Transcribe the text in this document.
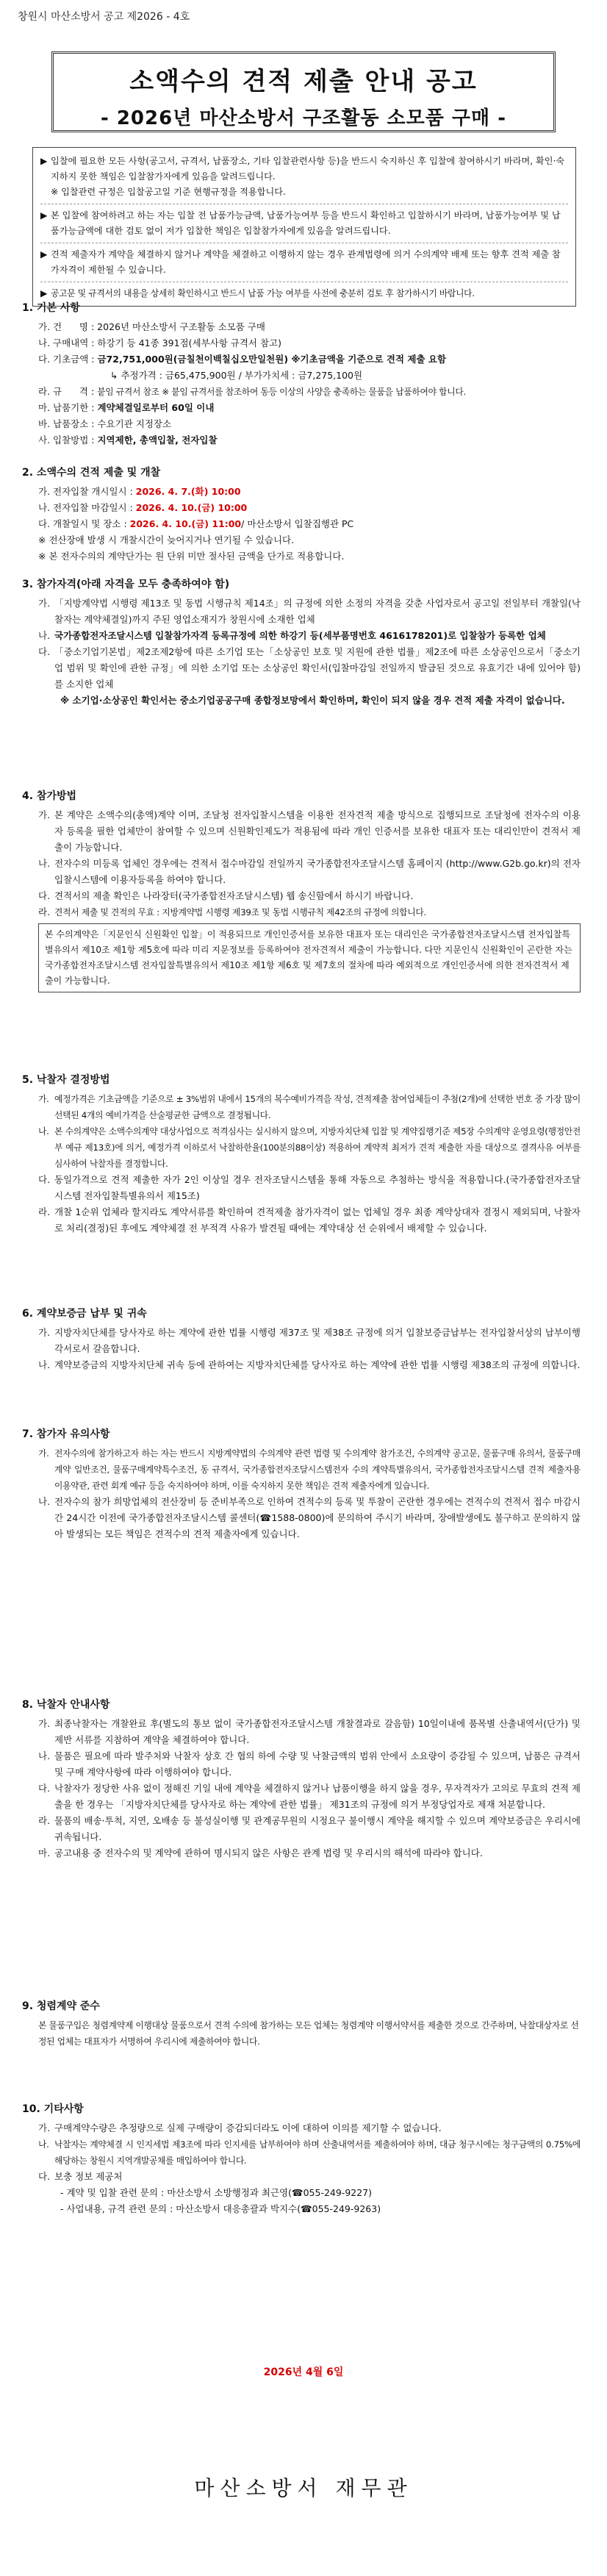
창원시 마산소방서 공고 제2026 - 4호
소액수의 견적 제출 안내 공고
- 2026년 마산소방서 구조활동 소모품 구매 -
▶ 입찰에 필요한 모든 사항(공고서, 규격서, 납품장소, 기타 입찰관련사항 등)을 반드시 숙지하신 후 입찰에 참여하시기 바라며, 확인·숙지하지 못한 책임은 입찰참가자에게 있음을 알려드립니다.
※ 입찰관련 규정은 입찰공고일 기준 현행규정을 적용합니다.
▶ 본 입찰에 참여하려고 하는 자는 입찰 전 납품가능금액, 납품가능여부 등을 반드시 확인하고 입찰하시기 바라며, 납품가능여부 및 납품가능금액에 대한 검토 없이 저가 입찰한 책임은 입찰참가자에게 있음을 알려드립니다.
▶ 견적 제출자가 계약을 체결하지 않거나 계약을 체결하고 이행하지 않는 경우 관계법령에 의거 수의계약 배제 또는 향후 견적 제출 참가자격이 제한될 수 있습니다.
▶ 공고문 및 규격서의 내용을 상세히 확인하시고 반드시 납품 가능 여부를 사전에 충분히 검토 후 참가하시기 바랍니다.
1. 기본 사항
가. 건      명 : 2026년 마산소방서 구조활동 소모품 구매
나. 구매내역 : 하강기 등 41종 391점(세부사항 규격서 참고)
다. 기초금액 : 금72,751,000원(금칠천이백칠십오만일천원) ※기초금액을 기준으로 견적 제출 요함
↳ 추정가격 : 금65,475,900원 / 부가가치세 : 금7,275,100원
라. 규      격 : 붙임 규격서 참조 ※ 붙임 규격서를 참조하여 동등 이상의 사양을 충족하는 물품을 납품하여야 합니다.
마. 납품기한 : 계약체결일로부터 60일 이내
바. 납품장소 : 수요기관 지정장소
사. 입찰방법 : 지역제한, 총액입찰, 전자입찰
2. 소액수의 견적 제출 및 개찰
가. 전자입찰 개시일시 : 2026. 4. 7.(화) 10:00
나. 전자입찰 마감일시 : 2026. 4. 10.(금) 10:00
다. 개찰일시 및 장소 : 2026. 4. 10.(금) 11:00 / 마산소방서 입찰집행관 PC
※ 전산장애 발생 시 개찰시간이 늦어지거나 연기될 수 있습니다.
※ 본 전자수의의 계약단가는 원 단위 미만 절사된 금액을 단가로 적용합니다.
3. 참가자격(아래 자격을 모두 충족하여야 함)
가. 「지방계약법 시행령 제13조 및 동법 시행규칙 제14조」의 규정에 의한 소정의 자격을 갖춘 사업자로서 공고일 전일부터 개찰일(낙찰자는 계약체결일)까지 주된 영업소재지가 창원시에 소재한 업체
나. 국가종합전자조달시스템 입찰참가자격 등록규정에 의한 하강기 등(세부품명번호 4616178201)로 입찰참가 등록한 업체
다. 「중소기업기본법」제2조제2항에 따른 소기업 또는「소상공인 보호 및 지원에 관한 법률」제2조에 따른 소상공인으로서「중소기업 범위 및 확인에 관한 규정」에 의한 소기업 또는 소상공인 확인서(입찰마감일 전일까지 발급된 것으로 유효기간 내에 있어야 함)를 소지한 업체
※ 소기업·소상공인 확인서는 중소기업공공구매 종합정보망에서 확인하며, 확인이 되지 않을 경우 견적 제출 자격이 없습니다.
4. 참가방법
가. 본 계약은 소액수의(총액)계약 이며, 조달청 전자입찰시스템을 이용한 전자견적 제출 방식으로 집행되므로 조달청에 전자수의 이용자 등록을 필한 업체만이 참여할 수 있으며 신원확인제도가 적용됨에 따라 개인 인증서를 보유한 대표자 또는 대리인만이 견적서 제출이 가능합니다.
나. 전자수의 미등록 업체인 경우에는 견적서 접수마감일 전일까지 국가종합전자조달시스템 홈페이지 (http://www.G2b.go.kr)의 전자입찰시스템에 이용자등록을 하여야 합니다.
다. 견적서의 제출 확인은 나라장터(국가종합전자조달시스템) 웹 송신함에서 하시기 바랍니다.
라. 견적서 제출 및 견적의 무효 : 지방계약법 시행령 제39조 및 동법 시행규칙 제42조의 규정에 의합니다.
본 수의계약은「지문인식 신원확인 입찰」이 적용되므로 개인인증서를 보유한 대표자 또는 대리인은 국가종합전자조달시스템 전자입찰특별유의서 제10조 제1항 제5호에 따라 미리 지문정보를 등록하여야 전자견적서 제출이 가능합니다. 다만 지문인식 신원확인이 곤란한 자는 국가종합전자조달시스템 전자입찰특별유의서 제10조 제1항 제6호 및 제7호의 절차에 따라 예외적으로 개인인증서에 의한 전자견적서 제출이 가능합니다.
5. 낙찰자 결정방법
가. 예정가격은 기초금액을 기준으로 ± 3%범위 내에서 15개의 복수예비가격을 작성, 견적제출 참여업체들이 추첨(2개)에 선택한 번호 중 가장 많이 선택된 4개의 예비가격을 산술평균한 금액으로 결정됩니다.
나. 본 수의계약은 소액수의계약 대상사업으로 적격심사는 실시하지 않으며, 지방자치단체 입찰 및 계약집행기준 제5장 수의계약 운영요령(행정안전부 예규 제13호)에 의거, 예정가격 이하로서 낙찰하한율(100분의88이상) 적용하여 계약적 최저가 견적 제출한 자를 대상으로 결격사유 여부를 심사하여 낙찰자를 결정합니다.
다. 동일가격으로 견적 제출한 자가 2인 이상일 경우 전자조달시스템을 통해 자동으로 추첨하는 방식을 적용합니다.(국가종합전자조달시스템 전자입찰특별유의서 제15조)
라. 개찰 1순위 업체라 할지라도 계약서류를 확인하여 견적제출 참가자격이 없는 업체일 경우 최종 계약상대자 결정시 제외되며, 낙찰자로 처리(결정)된 후에도 계약체결 전 부적격 사유가 발견될 때에는 계약대상 선 순위에서 배제할 수 있습니다.
6. 계약보증금 납부 및 귀속
가. 지방자치단체를 당사자로 하는 계약에 관한 법률 시행령 제37조 및 제38조 규정에 의거 입찰보증금납부는 전자입찰서상의 납부이행각서로서 갈음합니다.
나. 계약보증금의 지방자치단체 귀속 등에 관하여는 지방자치단체를 당사자로 하는 계약에 관한 법률 시행령 제38조의 규정에 의합니다.
7. 참가자 유의사항
가. 전자수의에 참가하고자 하는 자는 반드시 지방계약법의 수의계약 관련 법령 및 수의계약 참가조건, 수의계약 공고문, 물품구매 유의서, 물품구매계약 일반조건, 물품구매계약특수조건, 동 규격서, 국가종합전자조달시스템전자 수의 계약특별유의서, 국가종합전자조달시스템 견적 제출자용 이용약관, 관련 회계 예규 등을 숙지하여야 하며, 이를 숙지하지 못한 책임은 견적 제출자에게 있습니다.
나. 전자수의 참가 희망업체의 전산장비 등 준비부족으로 인하여 견적수의 등록 및 투찰이 곤란한 경우에는 견적수의 견적서 접수 마감시간 24시간 이전에 국가종합전자조달시스템 콜센터(☎1588-0800)에 문의하여 주시기 바라며, 장애발생에도 불구하고 문의하지 않아 발생되는 모든 책임은 견적수의 견적 제출자에게 있습니다.
8. 낙찰자 안내사항
가. 최종낙찰자는 개찰완료 후(별도의 통보 없이 국가종합전자조달시스템 개찰결과로 갈음함) 10일이내에 품목별 산출내역서(단가) 및 제반 서류를 지참하여 계약을 체결하여야 합니다.
나. 물품은 필요에 따라 발주처와 낙찰자 상호 간 협의 하에 수량 및 낙찰금액의 범위 안에서 소요량이 증감될 수 있으며, 납품은 규격서 및 구매 계약사항에 따라 이행하여야 합니다.
다. 낙찰자가 정당한 사유 없이 정해진 기일 내에 계약을 체결하지 않거나 납품이행을 하지 않을 경우, 무자격자가 고의로 무효의 견적 제출을 한 경우는 「지방자치단체를 당사자로 하는 계약에 관한 법률」 제31조의 규정에 의거 부정당업자로 제재 처분합니다.
라. 물품의 배송·투척, 지연, 오배송 등 불성실이행 및 관계공무원의 시정요구 불이행시 계약을 해지할 수 있으며 계약보증금은 우리시에 귀속됩니다.
마. 공고내용 중 전자수의 및 계약에 관하여 명시되지 않은 사항은 관계 법령 및 우리시의 해석에 따라야 합니다.
9. 청렴계약 준수
본 물품구입은 청렴계약제 이행대상 물품으로서 견적 수의에 참가하는 모든 업체는 청렴계약 이행서약서를 제출한 것으로 간주하며, 낙찰대상자로 선정된 업체는 대표자가 서명하여 우리시에 제출하여야 합니다.
10. 기타사항
가. 구매계약수량은 추정량으로 실제 구매량이 증감되더라도 이에 대하여 이의를 제기할 수 없습니다.
나. 낙찰자는 계약체결 시 인지세법 제3조에 따라 인지세를 납부하여야 하며 산출내역서를 제출하여야 하며, 대금 청구시에는 청구금액의 0.75%에 해당하는 창원시 지역개발공채를 매입하여야 합니다.
다. 보충 정보 제공처
- 계약 및 입찰 관련 문의 : 마산소방서 소방행정과 최근영(☎055-249-9227)
- 사업내용, 규격 관련 문의 : 마산소방서 대응총괄과 박지수(☎055-249-9263)
2026년 4월 6일
마산소방서 재무관
